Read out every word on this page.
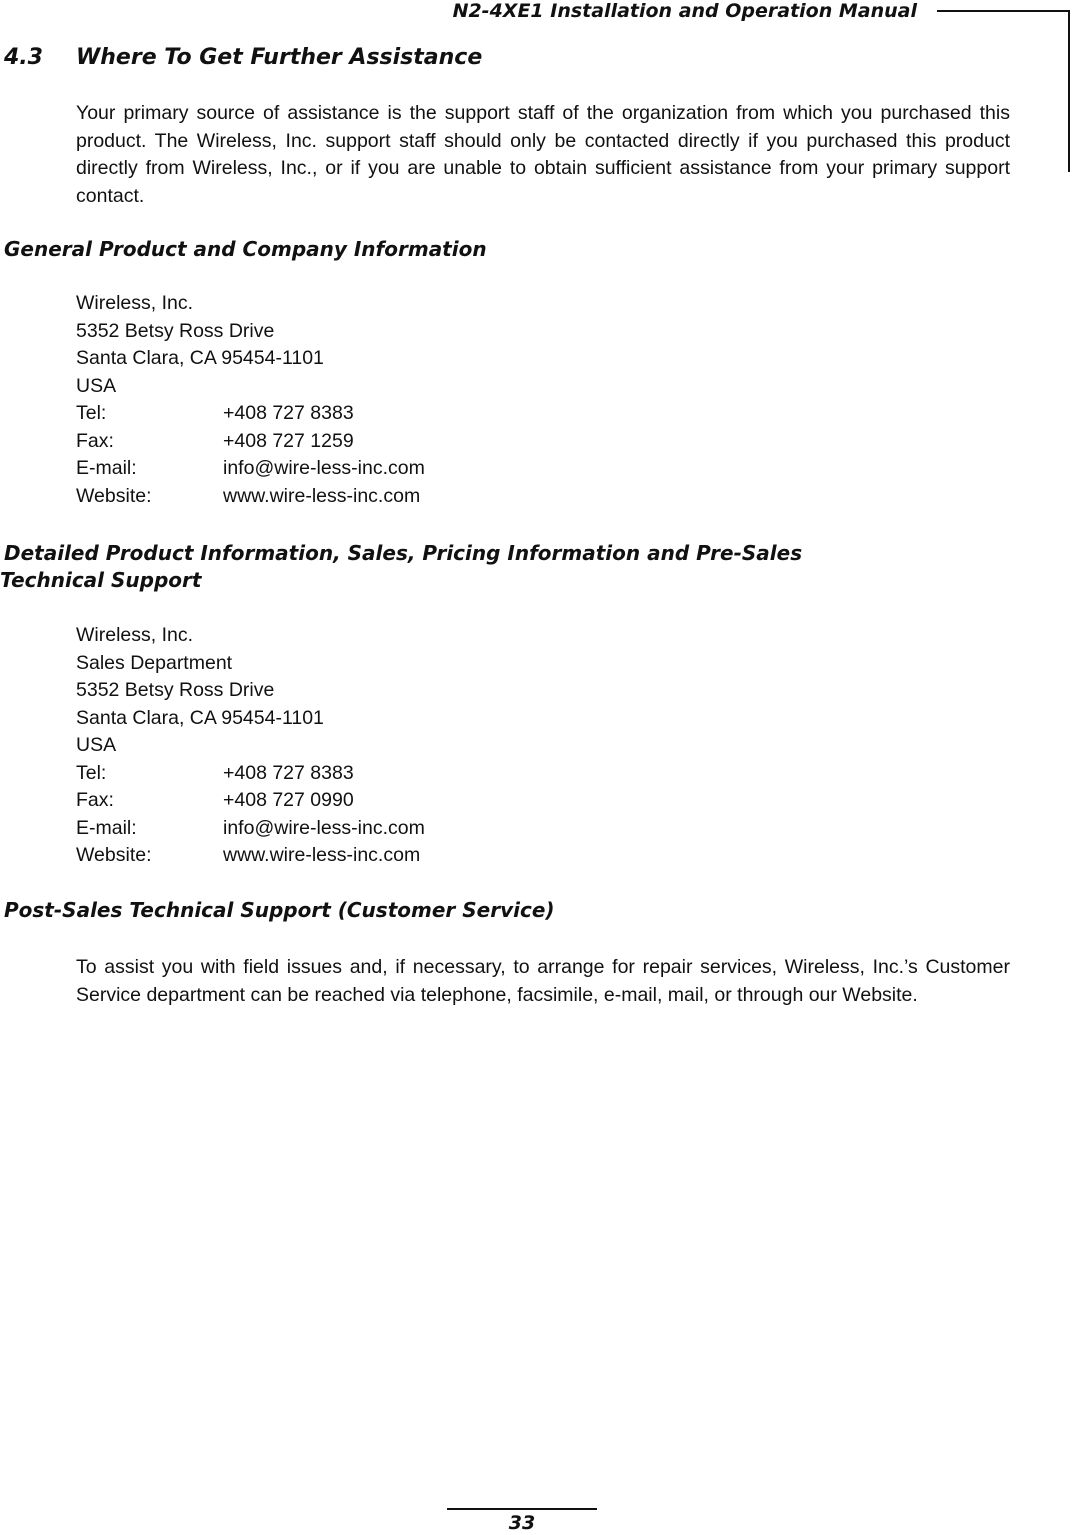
N2-4XE1 Installation and Operation Manual
4.3 Where To Get Further Assistance

Your primary source of assistance is the support staff of the organization from which you purchased this product. The Wireless, Inc. support staff should only be contacted directly if you purchased this product directly from Wireless, Inc., or if you are unable to obtain sufficient assistance from your primary support contact.

General Product and Company Information
Wireless, Inc.
5352 Betsy Ross Drive
Santa Clara, CA 95454-1101
USA
Tel:	+408 727 8383
Fax:	+408 727 1259
E-mail:	info@wire-less-inc.com
Website:	www.wire-less-inc.com
Detailed Product Information, Sales, Pricing Information and Pre-Sales
Technical Support
Wireless, Inc.
Sales Department
5352 Betsy Ross Drive
Santa Clara, CA 95454-1101
USA
Tel:	+408 727 8383
Fax:	+408 727 0990
E-mail:	info@wire-less-inc.com
Website:	www.wire-less-inc.com
Post-Sales Technical Support (Customer Service)

To assist you with field issues and, if necessary, to arrange for repair services, Wireless, Inc.’s Customer Service department can be reached via telephone, facsimile, e-mail, mail, or through our Website.

33
